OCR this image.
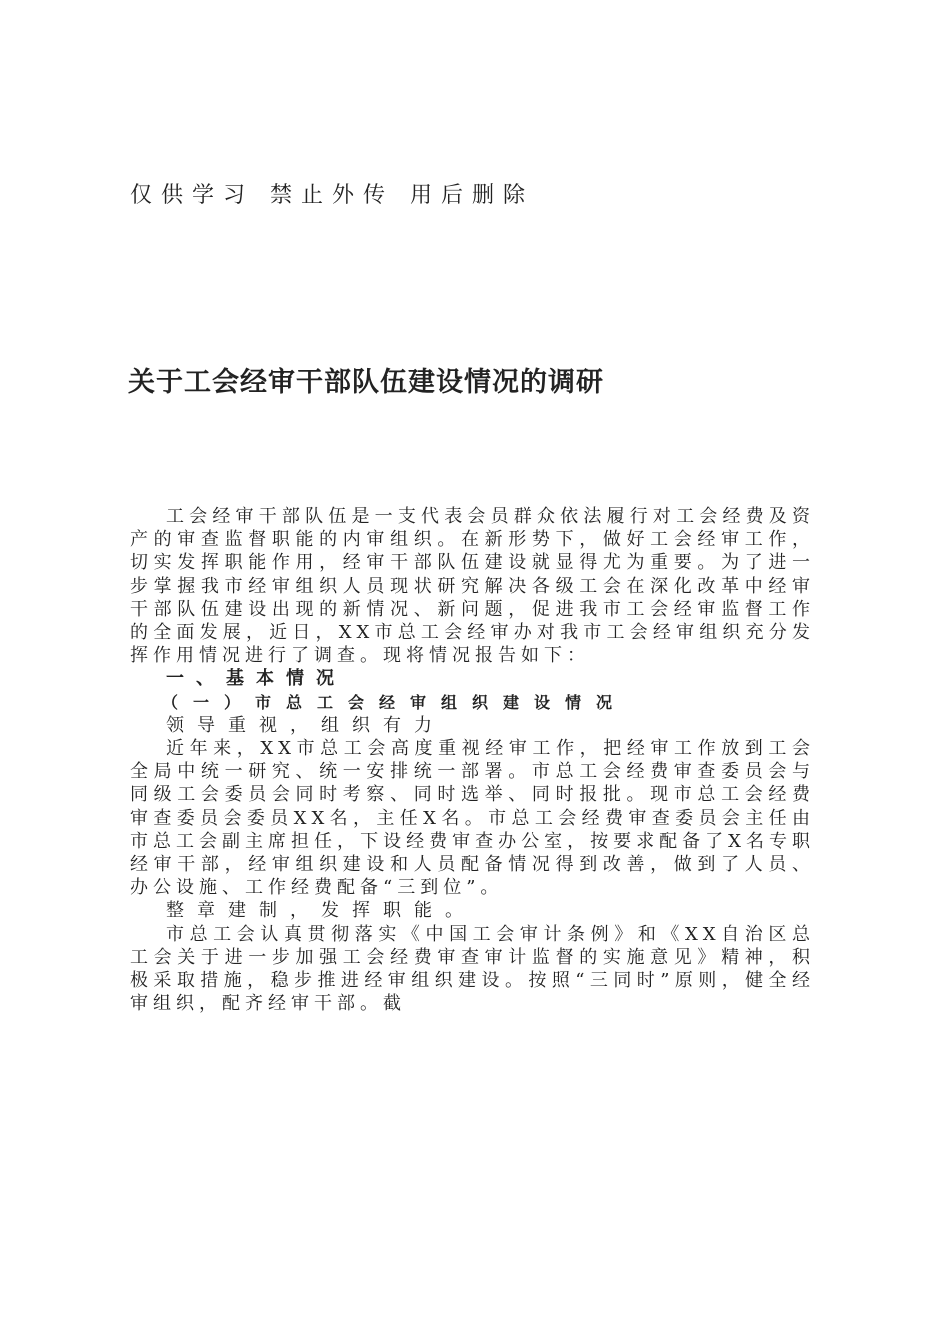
仅供学习 禁止外传 用后删除
关于工会经审干部队伍建设情况的调研

工会经审干部队伍是一支代表会员群众依法履行对工会经费及资产的审查监督职能的内审组织。在新形势下，做好工会经审工作，切实发挥职能作用，经审干部队伍建设就显得尤为重要。为了进一步掌握我市经审组织人员现状研究解决各级工会在深化改革中经审干部队伍建设出现的新情况、新问题，促进我市工会经审监督工作的全面发展，近日，XX市总工会经审办对我市工会经审组织充分发挥作用情况进行了调查。现将情况报告如下：

一、基本情况

（一）市总工会经审组织建设情况

领导重视，组织有力

近年来，XX市总工会高度重视经审工作，把经审工作放到工会全局中统一研究、统一安排统一部署。市总工会经费审查委员会与同级工会委员会同时考察、同时选举、同时报批。现市总工会经费审查委员会委员XX名，主任X名。市总工会经费审查委员会主任由市总工会副主席担任，下设经费审查办公室，按要求配备了X名专职经审干部，经审组织建设和人员配备情况得到改善，做到了人员、办公设施、工作经费配备“三到位”。

整章建制，发挥职能。

市总工会认真贯彻落实《中国工会审计条例》和《XX自治区总工会关于进一步加强工会经费审查审计监督的实施意见》精神，积极采取措施，稳步推进经审组织建设。按照“三同时”原则，健全经审组织，配齐经审干部。截
